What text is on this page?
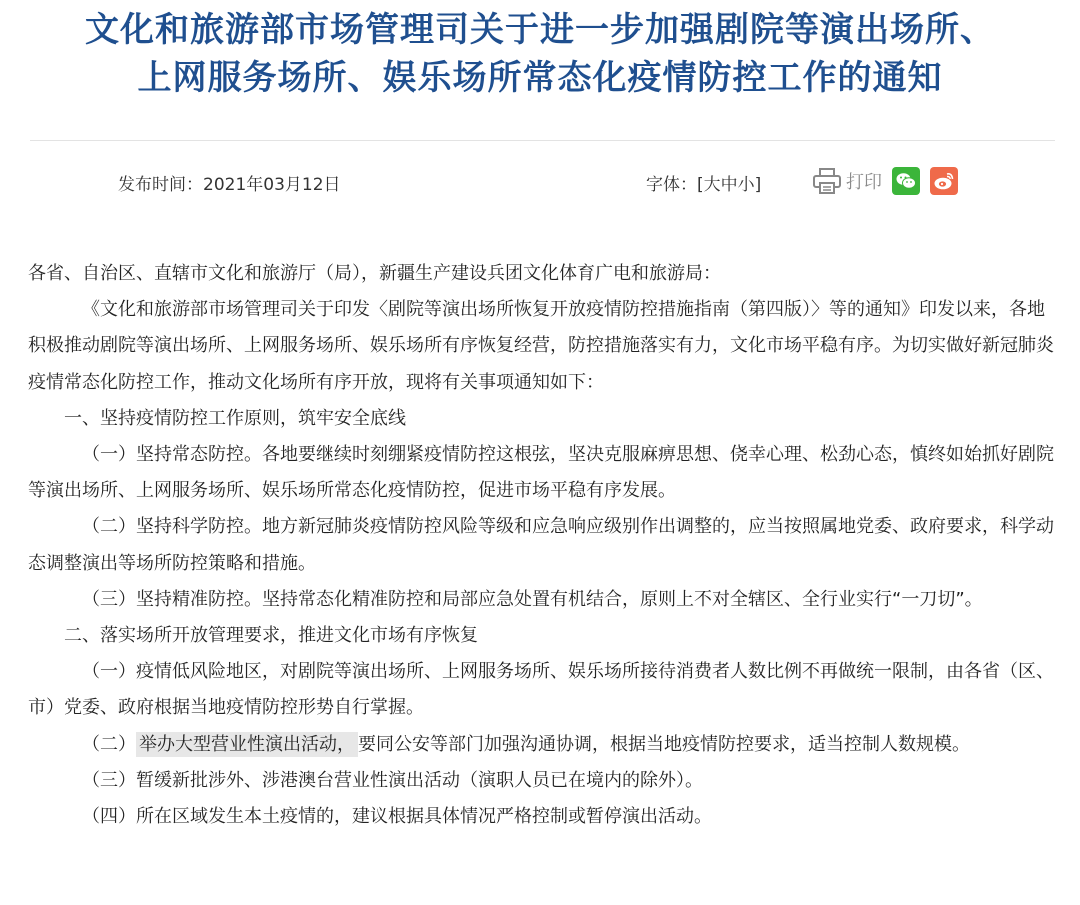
文化和旅游部市场管理司关于进一步加强剧院等演出场所、
上网服务场所、娱乐场所常态化疫情防控工作的通知
发布时间：2021年03月12日	字体：[大中小]	打印

各省、自治区、直辖市文化和旅游厅（局），新疆生产建设兵团文化体育广电和旅游局：

《文化和旅游部市场管理司关于印发〈剧院等演出场所恢复开放疫情防控措施指南（第四版）〉等的通知》印发以来，各地积极推动剧院等演出场所、上网服务场所、娱乐场所有序恢复经营，防控措施落实有力，文化市场平稳有序。为切实做好新冠肺炎疫情常态化防控工作，推动文化场所有序开放，现将有关事项通知如下：

一、坚持疫情防控工作原则，筑牢安全底线

（一）坚持常态防控。各地要继续时刻绷紧疫情防控这根弦，坚决克服麻痹思想、侥幸心理、松劲心态，慎终如始抓好剧院等演出场所、上网服务场所、娱乐场所常态化疫情防控，促进市场平稳有序发展。

（二）坚持科学防控。地方新冠肺炎疫情防控风险等级和应急响应级别作出调整的，应当按照属地党委、政府要求，科学动态调整演出等场所防控策略和措施。

（三）坚持精准防控。坚持常态化精准防控和局部应急处置有机结合，原则上不对全辖区、全行业实行“一刀切”。

二、落实场所开放管理要求，推进文化市场有序恢复

（一）疫情低风险地区，对剧院等演出场所、上网服务场所、娱乐场所接待消费者人数比例不再做统一限制，由各省（区、市）党委、政府根据当地疫情防控形势自行掌握。

（二） 举办大型营业性演出活动， 要同公安等部门加强沟通协调，根据当地疫情防控要求，适当控制人数规模。

（三）暂缓新批涉外、涉港澳台营业性演出活动（演职人员已在境内的除外）。

（四）所在区域发生本土疫情的，建议根据具体情况严格控制或暂停演出活动。
